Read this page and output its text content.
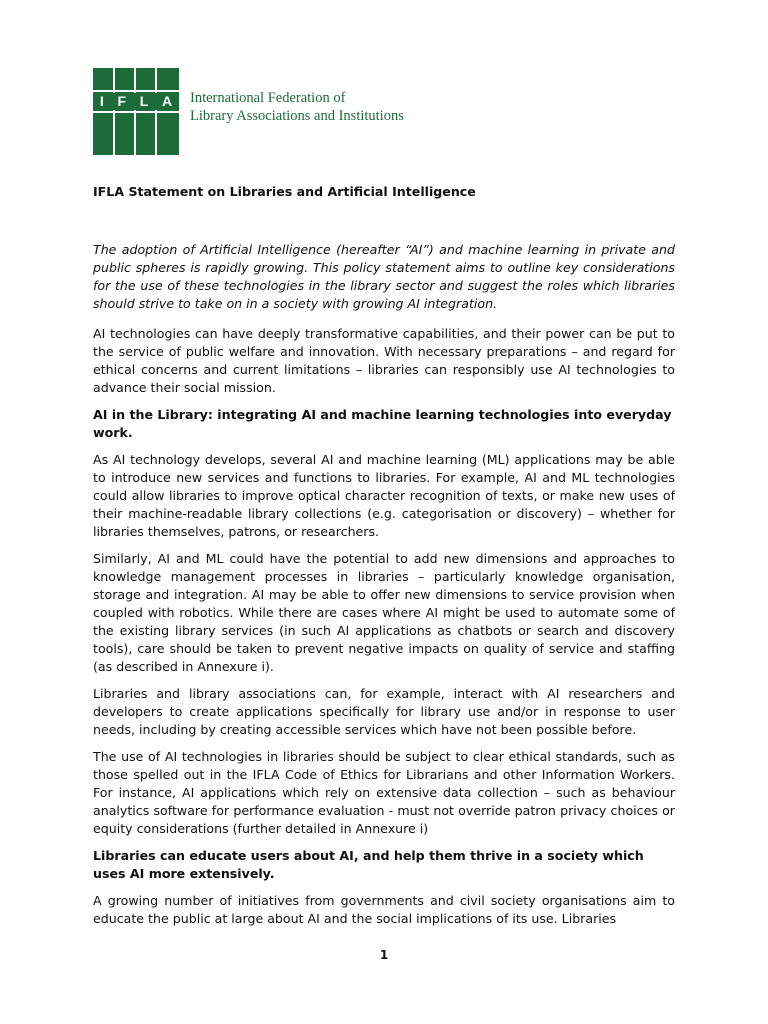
I F L A International Federation of
Library Associations and Institutions
IFLA Statement on Libraries and Artificial Intelligence

The adoption of Artificial Intelligence (hereafter “AI”) and machine learning in private and public spheres is rapidly growing. This policy statement aims to outline key considerations for the use of these technologies in the library sector and suggest the roles which libraries should strive to take on in a society with growing AI integration.

AI technologies can have deeply transformative capabilities, and their power can be put to the service of public welfare and innovation. With necessary preparations – and regard for ethical concerns and current limitations – libraries can responsibly use AI technologies to advance their social mission.

AI in the Library: integrating AI and machine learning technologies into everyday work.

As AI technology develops, several AI and machine learning (ML) applications may be able to introduce new services and functions to libraries. For example, AI and ML technologies could allow libraries to improve optical character recognition of texts, or make new uses of their machine-readable library collections (e.g. categorisation or discovery) – whether for libraries themselves, patrons, or researchers.

Similarly, AI and ML could have the potential to add new dimensions and approaches to knowledge management processes in libraries – particularly knowledge organisation, storage and integration. AI may be able to offer new dimensions to service provision when coupled with robotics. While there are cases where AI might be used to automate some of the existing library services (in such AI applications as chatbots or search and discovery tools), care should be taken to prevent negative impacts on quality of service and staffing (as described in Annexure i).

Libraries and library associations can, for example, interact with AI researchers and developers to create applications specifically for library use and/or in response to user needs, including by creating accessible services which have not been possible before.

The use of AI technologies in libraries should be subject to clear ethical standards, such as those spelled out in the IFLA Code of Ethics for Librarians and other Information Workers. For instance, AI applications which rely on extensive data collection – such as behaviour analytics software for performance evaluation - must not override patron privacy choices or equity considerations (further detailed in Annexure i)

Libraries can educate users about AI, and help them thrive in a society which uses AI more extensively.

A growing number of initiatives from governments and civil society organisations aim to educate the public at large about AI and the social implications of its use. Libraries

1
